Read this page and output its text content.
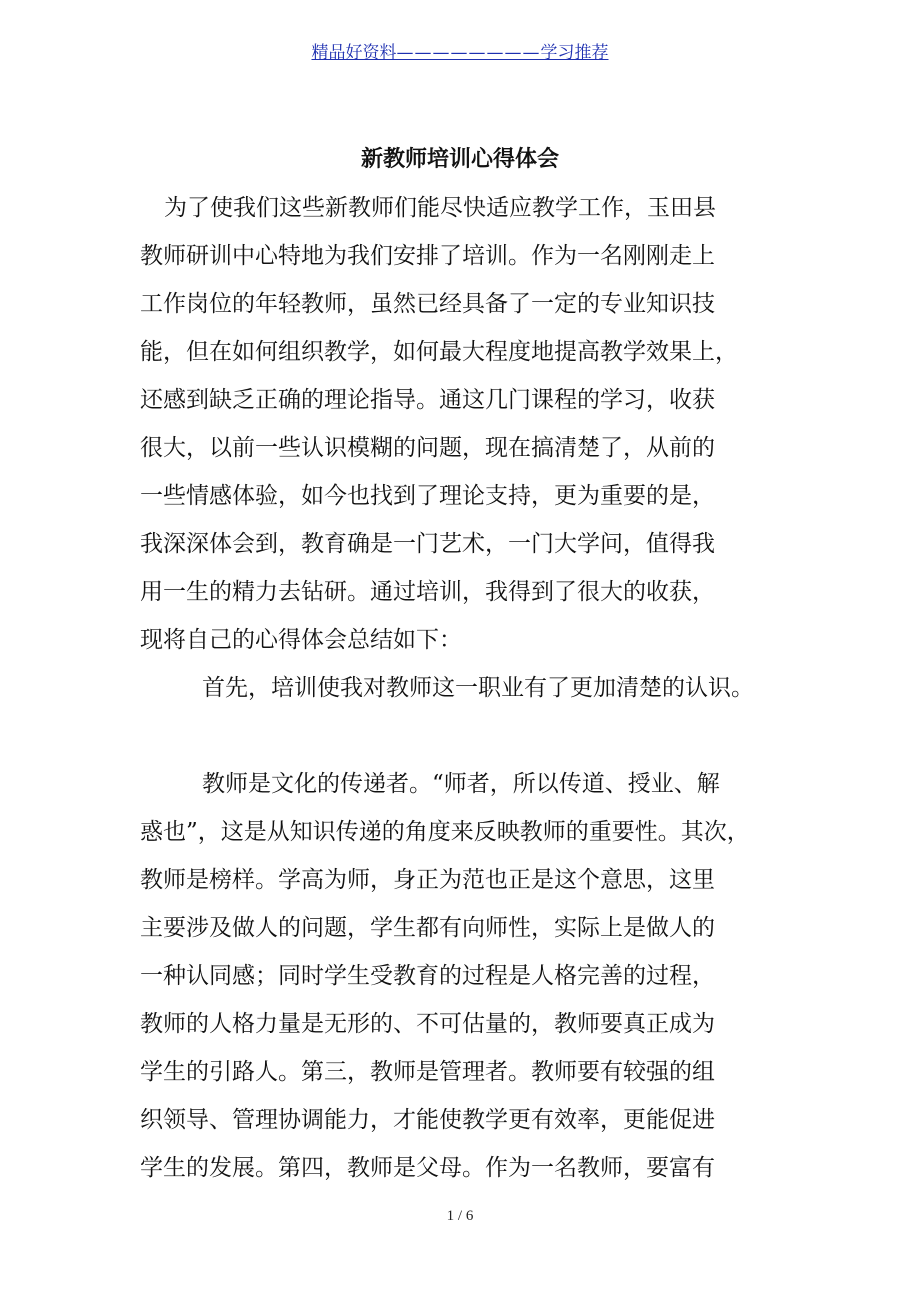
精品好资料————————学习推荐
新教师培训心得体会
为了使我们这些新教师们能尽快适应教学工作，玉田县
教师研训中心特地为我们安排了培训。作为一名刚刚走上
工作岗位的年轻教师，虽然已经具备了一定的专业知识技
能，但在如何组织教学，如何最大程度地提高教学效果上，
还感到缺乏正确的理论指导。通这几门课程的学习，收获
很大，以前一些认识模糊的问题，现在搞清楚了，从前的
一些情感体验，如今也找到了理论支持，更为重要的是，
我深深体会到，教育确是一门艺术，一门大学问，值得我
用一生的精力去钻研。通过培训，我得到了很大的收获，
现将自己的心得体会总结如下：
首先，培训使我对教师这一职业有了更加清楚的认识。
教师是文化的传递者。“师者，所以传道、授业、解
惑也”，这是从知识传递的角度来反映教师的重要性。其次，
教师是榜样。学高为师，身正为范也正是这个意思，这里
主要涉及做人的问题，学生都有向师性，实际上是做人的
一种认同感；同时学生受教育的过程是人格完善的过程，
教师的人格力量是无形的、不可估量的，教师要真正成为
学生的引路人。第三，教师是管理者。教师要有较强的组
织领导、管理协调能力，才能使教学更有效率，更能促进
学生的发展。第四，教师是父母。作为一名教师，要富有
1 / 6
